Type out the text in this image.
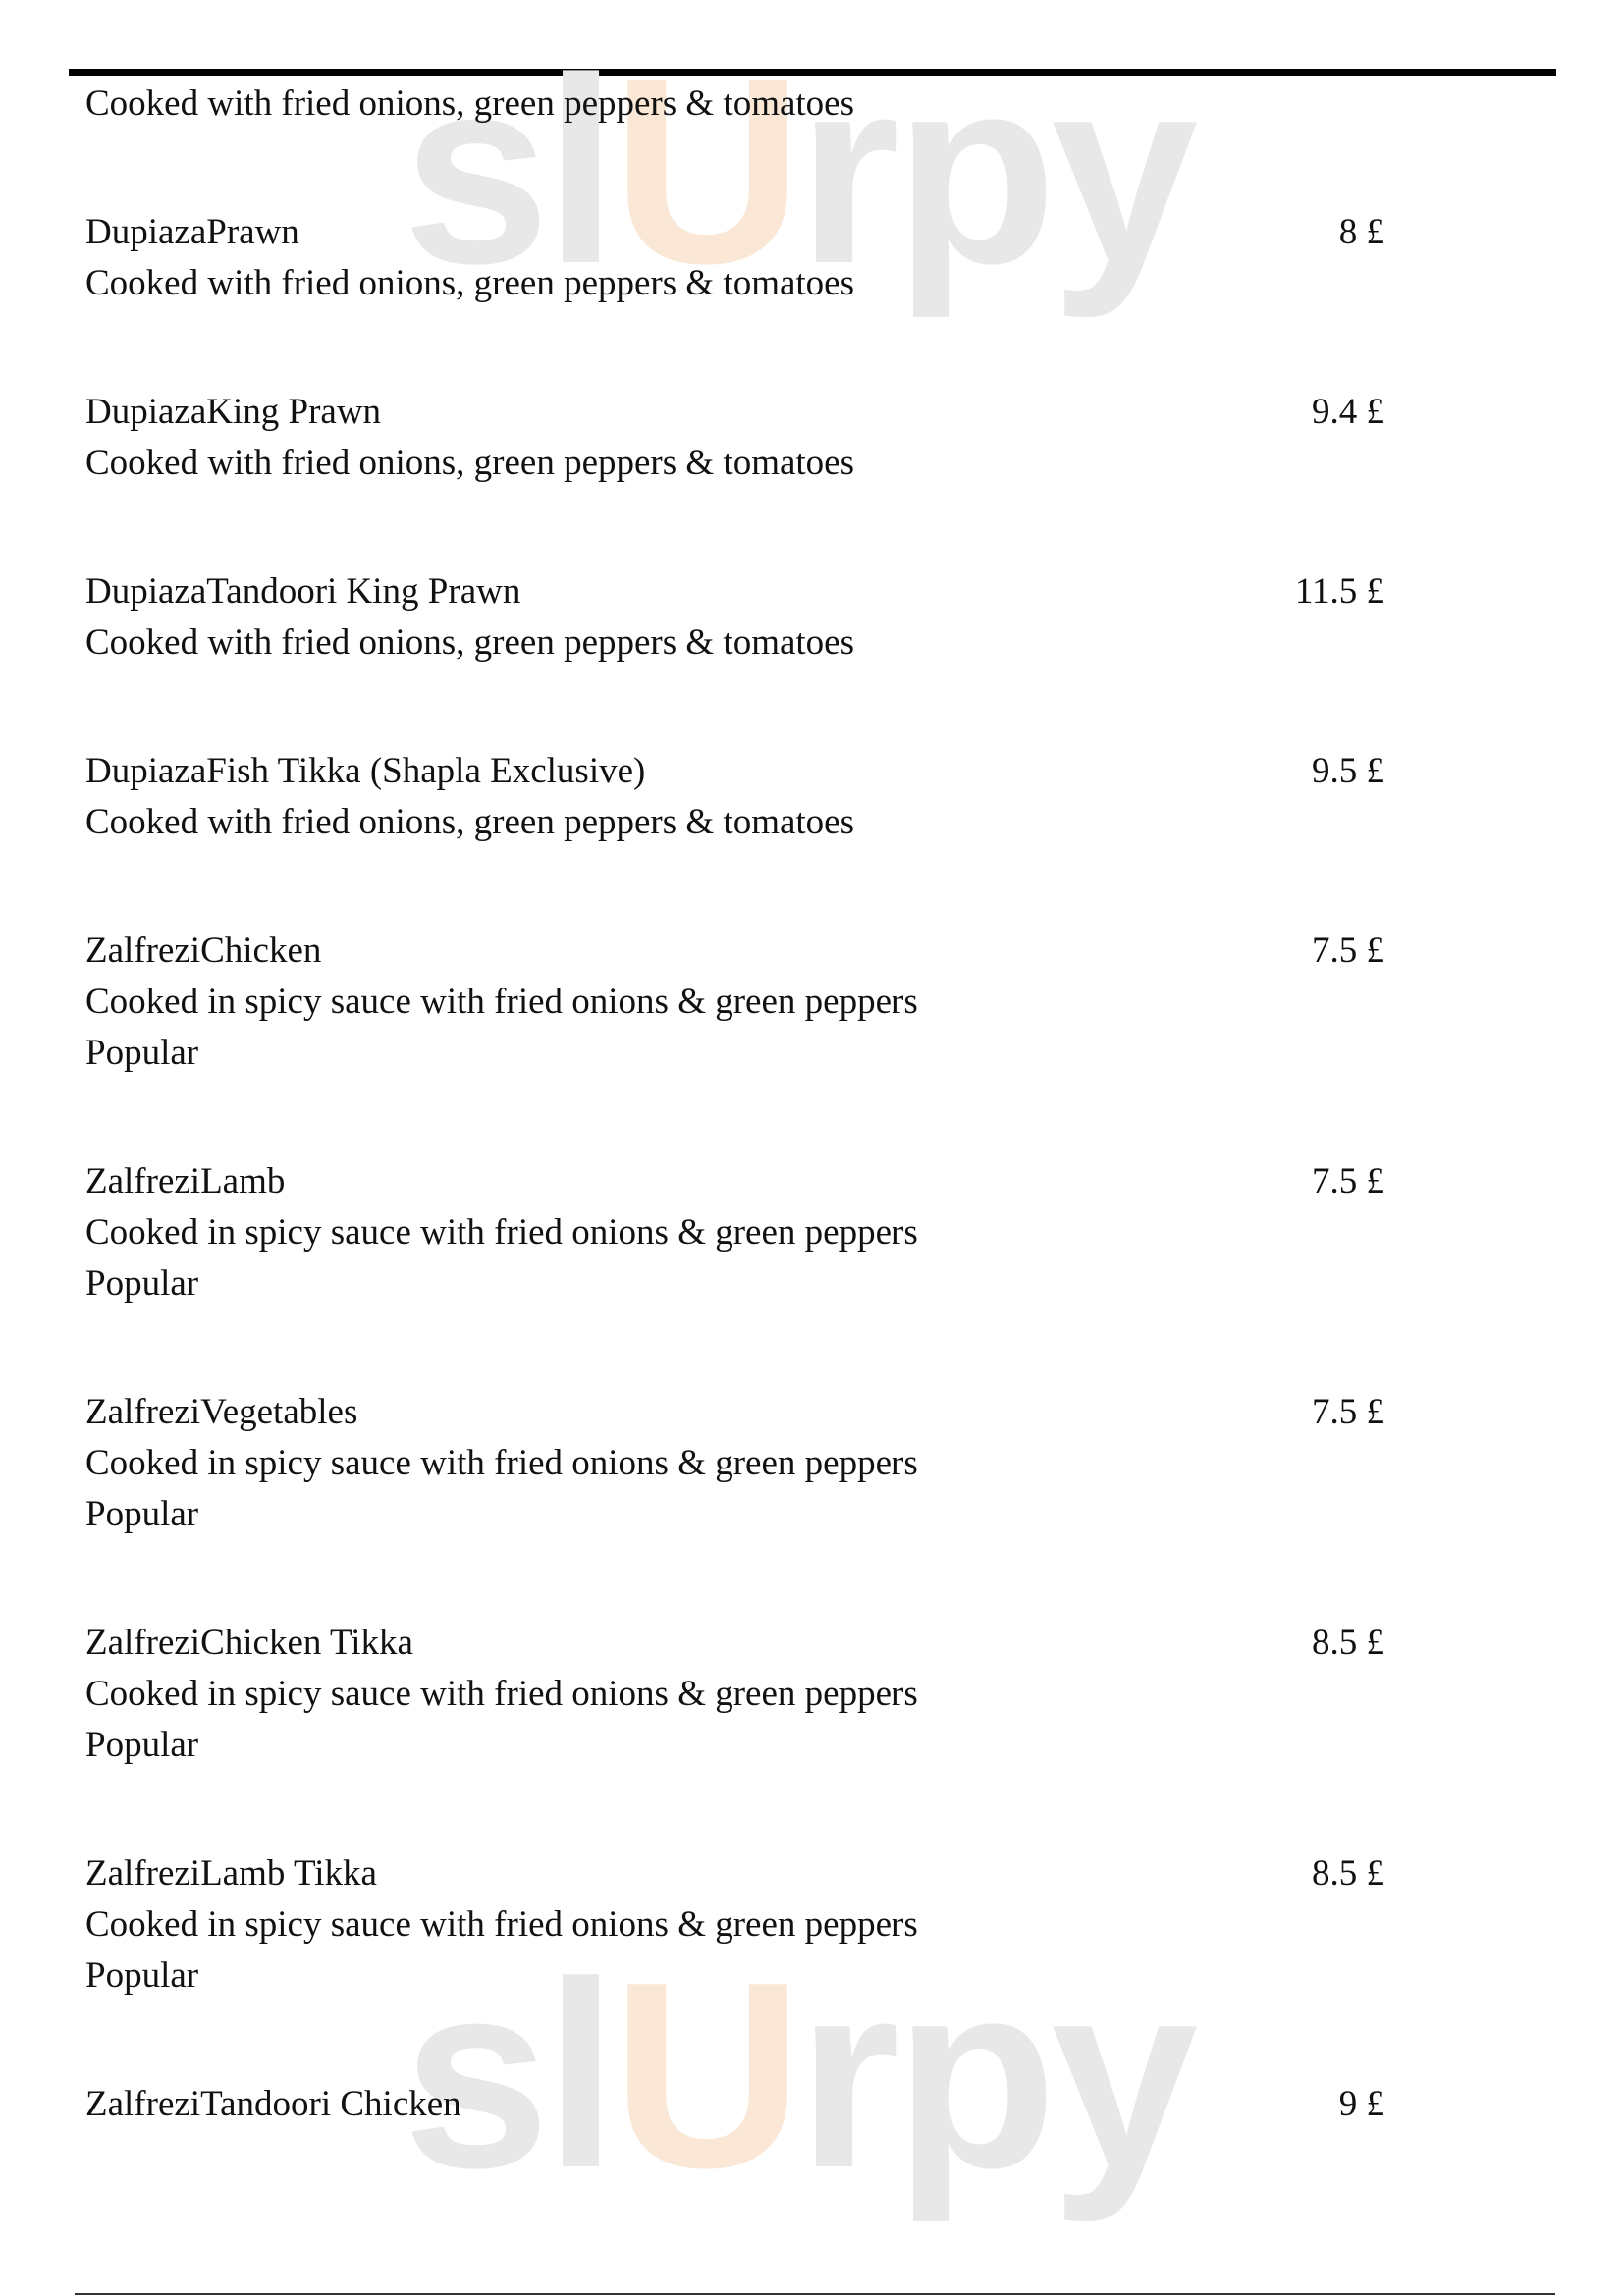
slUrpy
slUrpy
Cooked with fried onions, green peppers & tomatoes
DupiazaPrawn	8 £
Cooked with fried onions, green peppers & tomatoes
DupiazaKing Prawn	9.4 £
Cooked with fried onions, green peppers & tomatoes
DupiazaTandoori King Prawn	11.5 £
Cooked with fried onions, green peppers & tomatoes
DupiazaFish Tikka (Shapla Exclusive)	9.5 £
Cooked with fried onions, green peppers & tomatoes
ZalfreziChicken	7.5 £
Cooked in spicy sauce with fried onions & green peppers
Popular
ZalfreziLamb	7.5 £
Cooked in spicy sauce with fried onions & green peppers
Popular
ZalfreziVegetables	7.5 £
Cooked in spicy sauce with fried onions & green peppers
Popular
ZalfreziChicken Tikka	8.5 £
Cooked in spicy sauce with fried onions & green peppers
Popular
ZalfreziLamb Tikka	8.5 £
Cooked in spicy sauce with fried onions & green peppers
Popular
ZalfreziTandoori Chicken	9 £
